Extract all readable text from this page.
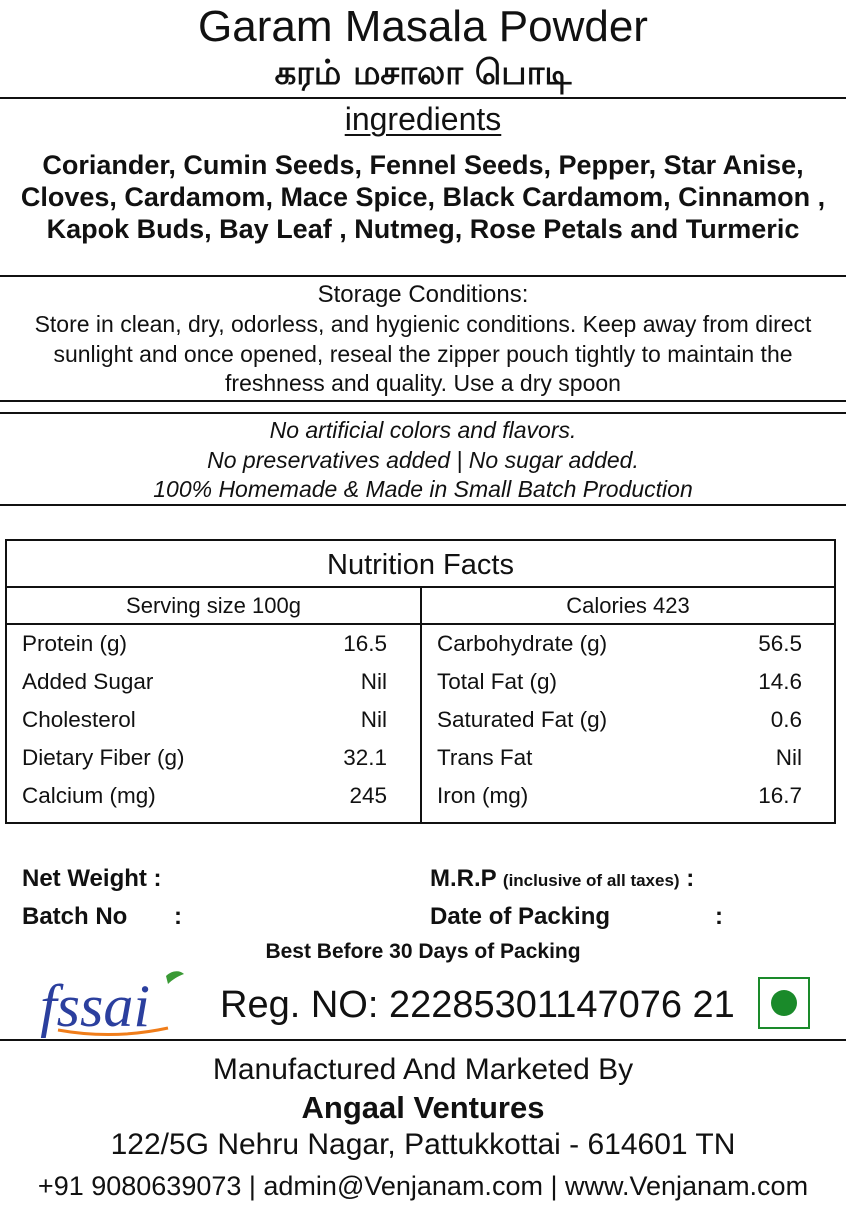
Garam Masala Powder
கரம் மசாலா பொடி
ingredients
Coriander, Cumin Seeds, Fennel Seeds, Pepper, Star Anise, Cloves, Cardamom, Mace Spice, Black Cardamom, Cinnamon , Kapok Buds, Bay Leaf , Nutmeg, Rose Petals and Turmeric
Storage Conditions:
Store in clean, dry, odorless, and hygienic conditions. Keep away from direct sunlight and once opened, reseal the zipper pouch tightly to maintain the freshness and quality. Use a dry spoon
No artificial colors and flavors.
No preservatives added | No sugar added.
100% Homemade & Made in Small Batch Production
Nutrition Facts
Serving size 100g	Calories 423
Protein (g)	16.5
Added Sugar	Nil
Cholesterol	Nil
Dietary Fiber (g)	32.1
Calcium (mg)	245
Carbohydrate (g)	56.5
Total Fat (g)	14.6
Saturated Fat (g)	0.6
Trans Fat	Nil
Iron (mg)	16.7
Net Weight :
Batch No :
M.R.P (inclusive of all taxes) :
Date of Packing	:
Best Before 30 Days of Packing
fssai Reg. NO: 22285301147076 21
Manufactured And Marketed By
Angaal Ventures
122/5G Nehru Nagar, Pattukkottai - 614601 TN
+91 9080639073 | admin@Venjanam.com | www.Venjanam.com
